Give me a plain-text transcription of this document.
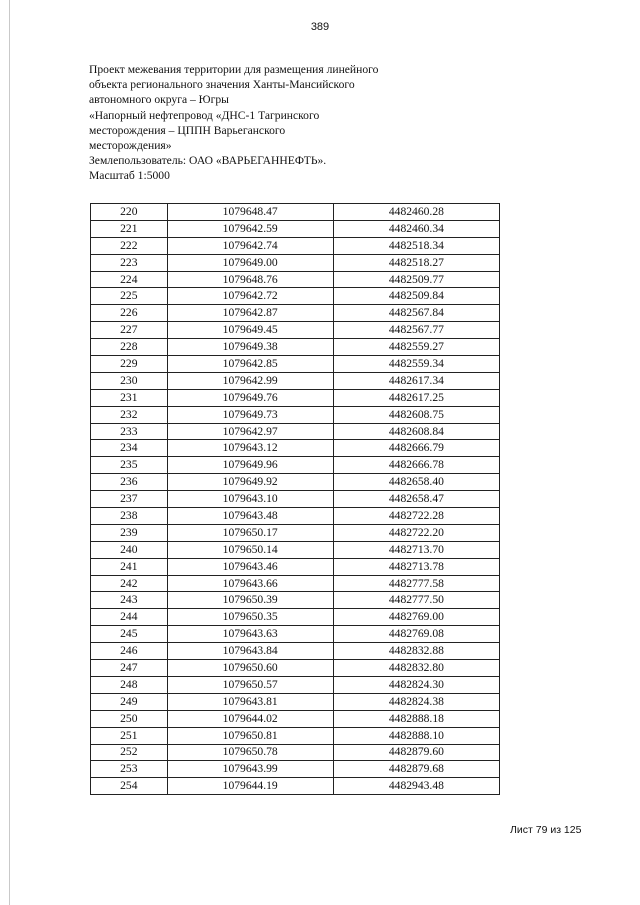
389
Проект межевания территории для размещения линейного
объекта регионального значения Ханты-Мансийского
автономного округа – Югры
«Напорный нефтепровод «ДНС-1 Тагринского
месторождения – ЦППН Варьеганского
месторождения»
Землепользователь: ОАО «ВАРЬЕГАННЕФТЬ».
Масштаб 1:5000
220	1079648.47	4482460.28
221	1079642.59	4482460.34
222	1079642.74	4482518.34
223	1079649.00	4482518.27
224	1079648.76	4482509.77
225	1079642.72	4482509.84
226	1079642.87	4482567.84
227	1079649.45	4482567.77
228	1079649.38	4482559.27
229	1079642.85	4482559.34
230	1079642.99	4482617.34
231	1079649.76	4482617.25
232	1079649.73	4482608.75
233	1079642.97	4482608.84
234	1079643.12	4482666.79
235	1079649.96	4482666.78
236	1079649.92	4482658.40
237	1079643.10	4482658.47
238	1079643.48	4482722.28
239	1079650.17	4482722.20
240	1079650.14	4482713.70
241	1079643.46	4482713.78
242	1079643.66	4482777.58
243	1079650.39	4482777.50
244	1079650.35	4482769.00
245	1079643.63	4482769.08
246	1079643.84	4482832.88
247	1079650.60	4482832.80
248	1079650.57	4482824.30
249	1079643.81	4482824.38
250	1079644.02	4482888.18
251	1079650.81	4482888.10
252	1079650.78	4482879.60
253	1079643.99	4482879.68
254	1079644.19	4482943.48
Лист 79 из 125
